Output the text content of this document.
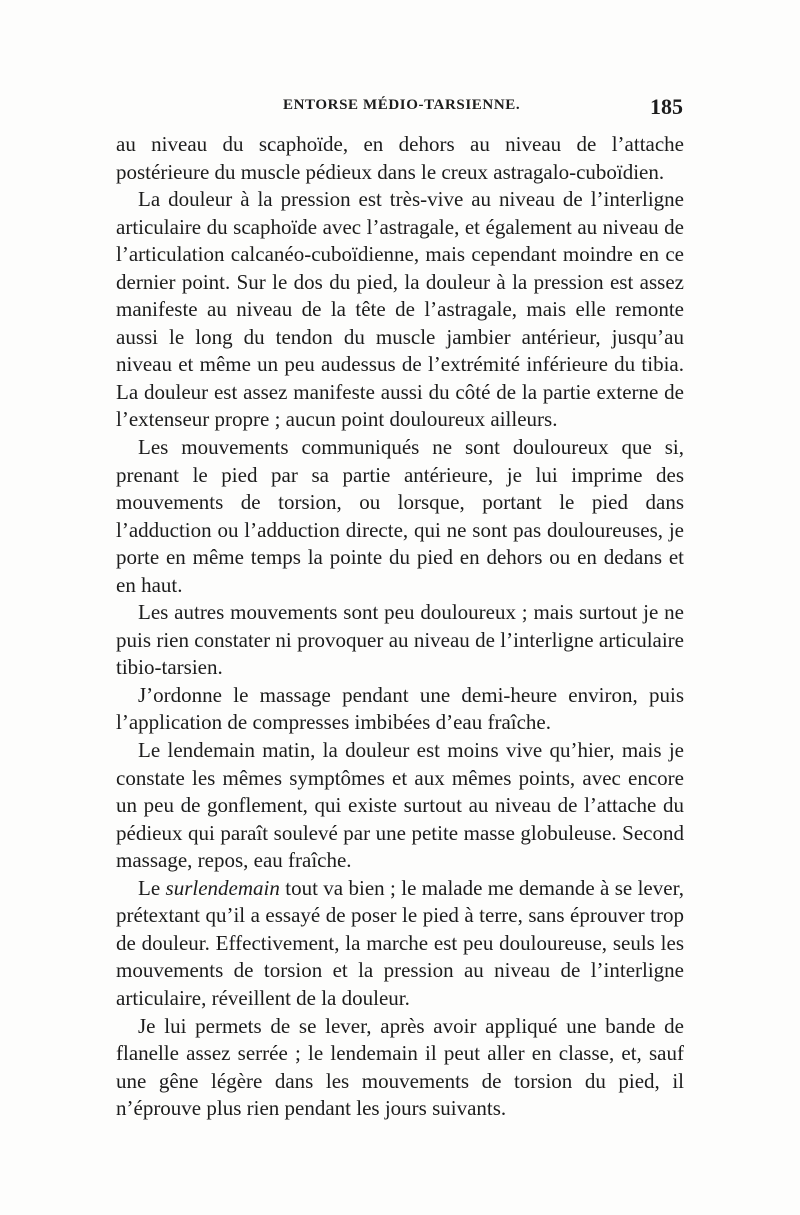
ENTORSE MÉDIO-TARSIENNE.	185

au niveau du scaphoïde, en dehors au niveau de l’attache postérieure du muscle pédieux dans le creux astragalo-cuboïdien.

La douleur à la pression est très-vive au niveau de l’interligne articulaire du scaphoïde avec l’astragale, et également au niveau de l’articulation calcanéo-cuboïdienne, mais cependant moindre en ce dernier point. Sur le dos du pied, la douleur à la pression est assez manifeste au niveau de la tête de l’astragale, mais elle remonte aussi le long du tendon du muscle jambier antérieur, jusqu’au niveau et même un peu audessus de l’extrémité inférieure du tibia. La douleur est assez manifeste aussi du côté de la partie externe de l’extenseur propre ; aucun point douloureux ailleurs.

Les mouvements communiqués ne sont douloureux que si, prenant le pied par sa partie antérieure, je lui imprime des mouvements de torsion, ou lorsque, portant le pied dans l’adduction ou l’adduction directe, qui ne sont pas douloureuses, je porte en même temps la pointe du pied en dehors ou en dedans et en haut.

Les autres mouvements sont peu douloureux ; mais surtout je ne puis rien constater ni provoquer au niveau de l’interligne articulaire tibio-tarsien.

J’ordonne le massage pendant une demi-heure environ, puis l’application de compresses imbibées d’eau fraîche.

Le lendemain matin, la douleur est moins vive qu’hier, mais je constate les mêmes symptômes et aux mêmes points, avec encore un peu de gonflement, qui existe surtout au niveau de l’attache du pédieux qui paraît soulevé par une petite masse globuleuse. Second massage, repos, eau fraîche.

Le surlendemain tout va bien ; le malade me demande à se lever, prétextant qu’il a essayé de poser le pied à terre, sans éprouver trop de douleur. Effectivement, la marche est peu douloureuse, seuls les mouvements de torsion et la pression au niveau de l’interligne articulaire, réveillent de la douleur.

Je lui permets de se lever, après avoir appliqué une bande de flanelle assez serrée ; le lendemain il peut aller en classe, et, sauf une gêne légère dans les mouvements de torsion du pied, il n’éprouve plus rien pendant les jours suivants.
